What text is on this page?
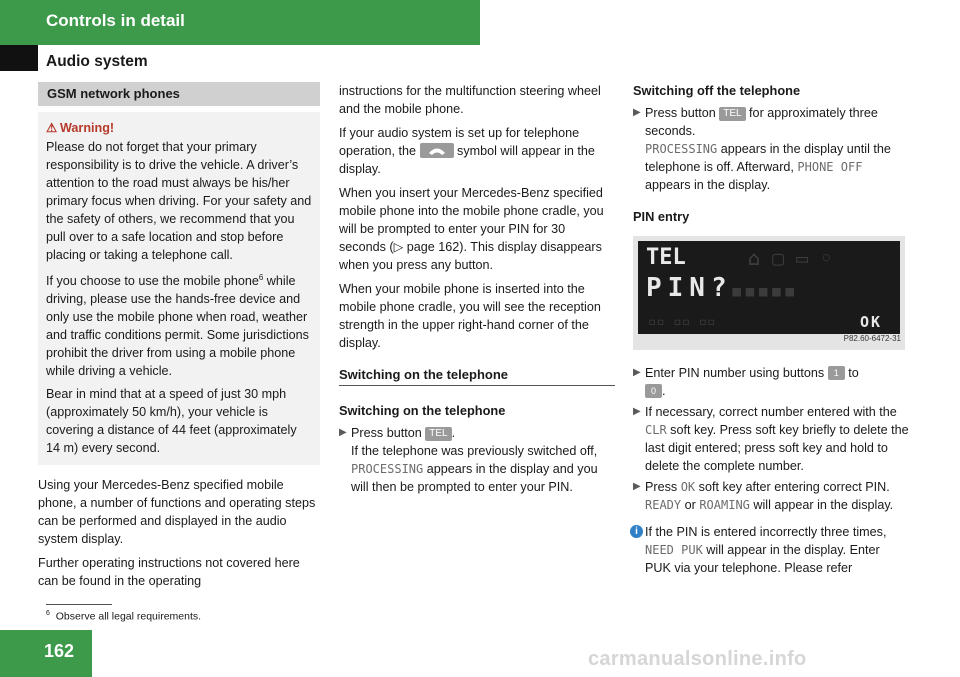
Controls in detail
Audio system
GSM network phones
⚠ Warning!

Please do not forget that your primary responsibility is to drive the vehicle. A driver’s attention to the road must always be his/her primary focus when driving. For your safety and the safety of others, we recommend that you pull over to a safe location and stop before placing or taking a telephone call.

If you choose to use the mobile phone$^6$ while driving, please use the hands-free device and only use the mobile phone when road, weather and traffic conditions permit. Some jurisdictions prohibit the driver from using a mobile phone while driving a vehicle.

Bear in mind that at a speed of just 30 mph (approximately 50 km/h), your vehicle is covering a distance of 44 feet (approximately 14 m) every second.

Using your Mercedes-Benz specified mobile phone, a number of functions and operating steps can be performed and displayed in the audio system display.

Further operating instructions not covered here can be found in the operating

instructions for the multifunction steering wheel and the mobile phone.

If your audio system is set up for telephone operation, the	symbol will appear in the display.

When you insert your Mercedes-Benz specified mobile phone into the mobile phone cradle, you will be prompted to enter your PIN for 30 seconds (▷ page 162). This display disappears when you press any button.

When your mobile phone is inserted into the mobile phone cradle, you will see the reception strength in the upper right-hand corner of the display.

Switching on the telephone
Switching on the telephone
▶ Press button TEL .
If the telephone was previously switched off, PROCESSING appears in the display and you will then be prompted to enter your PIN.
Switching off the telephone
▶ Press button TEL for approximately three seconds.
PROCESSING appears in the display until the telephone is off. Afterward, PHONE OFF appears in the display.
PIN entry
⌂ ▢ ▭ ◦
▪▪▪▪▪
▫▫ ▫▫ ▫▫
TEL
PIN?
OK
P82.60-6472-31
▶ Enter PIN number using buttons 1 to
0 .
▶ If necessary, correct number entered with the CLR soft key. Press soft key briefly to delete the last digit entered; press soft key and hold to delete the complete number.
▶ Press OK soft key after entering correct PIN.
READY or ROAMING will appear in the display.
i If the PIN is entered incorrectly three times, NEED PUK will appear in the display. Enter PUK via your telephone. Please refer
$^6$ Observe all legal requirements.
162	carmanualsonline.info
